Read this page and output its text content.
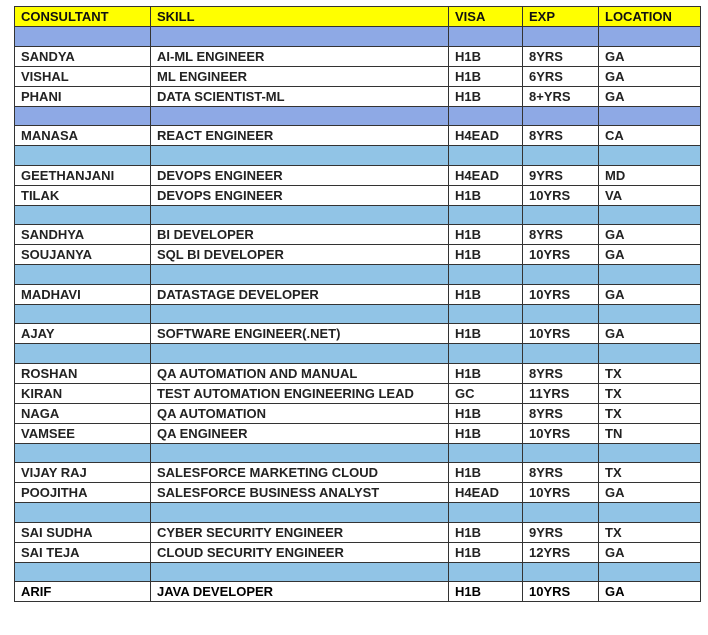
CONSULTANT	SKILL	VISA	EXP	LOCATION

SANDYA	AI-ML ENGINEER	H1B	8YRS	GA
VISHAL	ML ENGINEER	H1B	6YRS	GA
PHANI	DATA SCIENTIST-ML	H1B	8+YRS	GA

MANASA	REACT ENGINEER	H4EAD	8YRS	CA

GEETHANJANI	DEVOPS ENGINEER	H4EAD	9YRS	MD
TILAK	DEVOPS ENGINEER	H1B	10YRS	VA

SANDHYA	BI DEVELOPER	H1B	8YRS	GA
SOUJANYA	SQL BI DEVELOPER	H1B	10YRS	GA

MADHAVI	DATASTAGE DEVELOPER	H1B	10YRS	GA

AJAY	SOFTWARE ENGINEER(.NET)	H1B	10YRS	GA

ROSHAN	QA AUTOMATION AND MANUAL	H1B	8YRS	TX
KIRAN	TEST AUTOMATION ENGINEERING LEAD	GC	11YRS	TX
NAGA	QA AUTOMATION	H1B	8YRS	TX
VAMSEE	QA ENGINEER	H1B	10YRS	TN

VIJAY RAJ	SALESFORCE MARKETING CLOUD	H1B	8YRS	TX
POOJITHA	SALESFORCE BUSINESS ANALYST	H4EAD	10YRS	GA

SAI SUDHA	CYBER SECURITY ENGINEER	H1B	9YRS	TX
SAI TEJA	CLOUD SECURITY ENGINEER	H1B	12YRS	GA

ARIF	JAVA DEVELOPER	H1B	10YRS	GA
